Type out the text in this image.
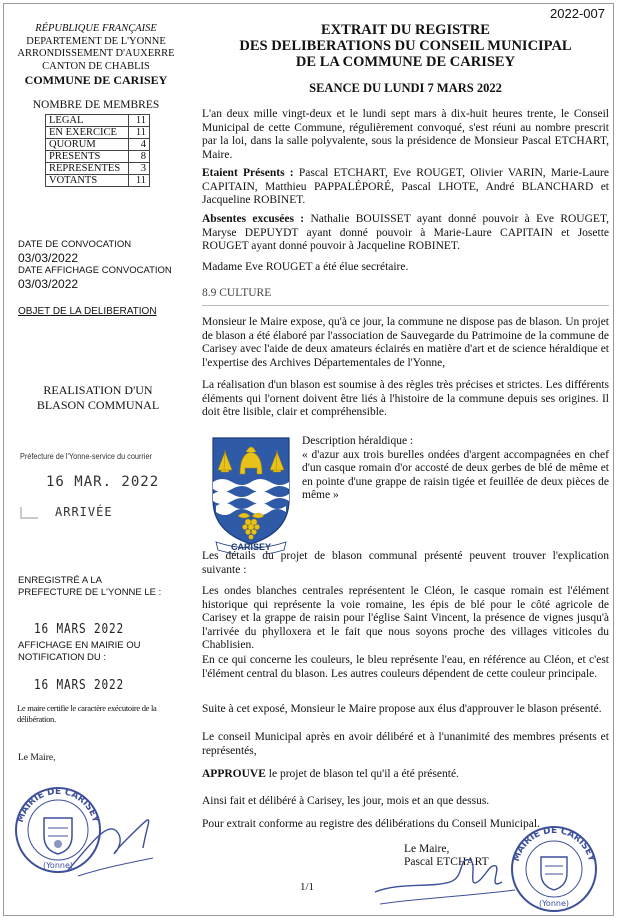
2022-007
RÉPUBLIQUE FRANÇAISE
DEPARTEMENT DE L'YONNE
ARRONDISSEMENT D'AUXERRE
CANTON DE CHABLIS
COMMUNE DE CARISEY
NOMBRE DE MEMBRES
LEGAL	11
EN EXERCICE	11
QUORUM	4
PRESENTS	8
REPRESENTES	3
VOTANTS	11
DATE DE CONVOCATION
03/03/2022
DATE AFFICHAGE CONVOCATION
03/03/2022
OBJET DE LA DELIBERATION
REALISATION D'UN BLASON COMMUNAL
Préfecture de l'Yonne-service du courrier
16 MAR. 2022
ARRIVÉE
ENREGISTRÉ A LA PREFECTURE DE L'YONNE LE :
16 MARS 2022
AFFICHAGE EN MAIRIE OU NOTIFICATION DU :
16 MARS 2022
Le maire certifie le caractère exécutoire de la délibération.
Le Maire,
MAIRIE DE CARISEY
(Yonne)
EXTRAIT DU REGISTRE
DES DELIBERATIONS DU CONSEIL MUNICIPAL
DE LA COMMUNE DE CARISEY
SEANCE DU LUNDI 7 MARS 2022
L'an deux mille vingt-deux et le lundi sept mars à dix-huit heures trente, le Conseil Municipal de cette Commune, régulièrement convoqué, s'est réuni au nombre prescrit par la loi, dans la salle polyvalente, sous la présidence de Monsieur Pascal ETCHART, Maire.
Etaient Présents : Pascal ETCHART, Eve ROUGET, Olivier VARIN, Marie-Laure CAPITAIN, Matthieu PAPPALÉPORÉ, Pascal LHOTE, André BLANCHARD et Jacqueline ROBINET.
Absentes excusées : Nathalie BOUISSET ayant donné pouvoir à Eve ROUGET, Maryse DEPUYDT ayant donné pouvoir à Marie-Laure CAPITAIN et Josette ROUGET ayant donné pouvoir à Jacqueline ROBINET.
Madame Eve ROUGET a été élue secrétaire.
8.9 CULTURE
Monsieur le Maire expose, qu'à ce jour, la commune ne dispose pas de blason. Un projet de blason a été élaboré par l'association de Sauvegarde du Patrimoine de la commune de Carisey avec l'aide de deux amateurs éclairés en matière d'art et de science héraldique et l'expertise des Archives Départementales de l'Yonne,
La réalisation d'un blason est soumise à des règles très précises et strictes. Les différents éléments qui l'ornent doivent être liés à l'histoire de la commune depuis ses origines. Il doit être lisible, clair et compréhensible.
CARISEY
Description héraldique :
« d'azur aux trois burelles ondées d'argent accompagnées en chef d'un casque romain d'or accosté de deux gerbes de blé de même et en pointe d'une grappe de raisin tigée et feuillée de deux pièces de même »
Les détails du projet de blason communal présenté peuvent trouver l'explication suivante :
Les ondes blanches centrales représentent le Cléon, le casque romain est l'élément historique qui représente la voie romaine, les épis de blé pour le côté agricole de Carisey et la grappe de raisin pour l'église Saint Vincent, la présence de vignes jusqu'à l'arrivée du phylloxera et le fait que nous soyons proche des villages viticoles du Chablisien.
En ce qui concerne les couleurs, le bleu représente l'eau, en référence au Cléon, et c'est l'élément central du blason. Les autres couleurs dépendent de cette couleur principale.
Suite à cet exposé, Monsieur le Maire propose aux élus d'approuver le blason présenté.
Le conseil Municipal après en avoir délibéré et à l'unanimité des membres présents et représentés,
APPROUVE le projet de blason tel qu'il a été présenté.
Ainsi fait et délibéré à Carisey, les jour, mois et an que dessus.
Pour extrait conforme au registre des délibérations du Conseil Municipal.
Le Maire,
Pascal ETCHART	MAIRIE DE CARISEY
(Yonne)
1/1
